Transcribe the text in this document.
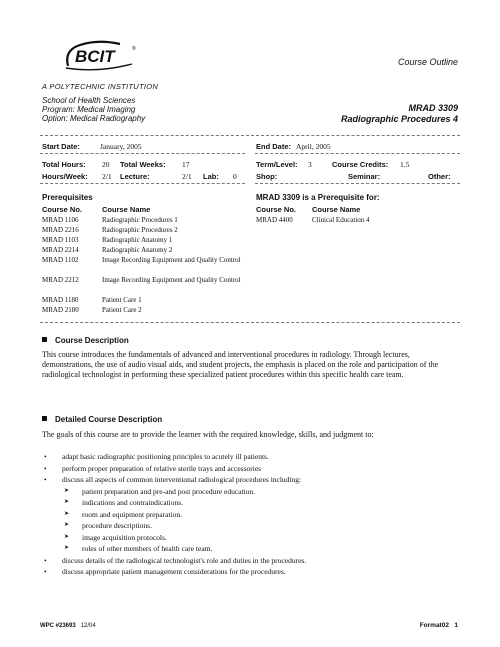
BCIT	®
A POLYTECHNIC INSTITUTION
School of Health Sciences
Program: Medical Imaging
Option: Medical Radiography
Course Outline
MRAD 3309
Radiographic Procedures 4
Start Date:	January, 2005	End Date: April, 2005
Total Hours: 20 Total Weeks: 17	Term/Level: 3	Course Credits: 1.5
Hours/Week: 2/1 Lecture:	2/1 Lab: 0	Shop:	Seminar:	Other:
Prerequisites
Course No.	Course Name
MRAD 1106	Radiographic Procedures 1
MRAD 2216	Radiographic Procedures 2
MRAD 1103	Radiographic Anatomy 1
MRAD 2214	Radiographic Anatomy 2
MRAD 1102	Image Recording Equipment and Quality Control
MRAD 2212	Image Recording Equipment and Quality Control
MRAD 1180	Patient Care 1
MRAD 2180	Patient Care 2
MRAD 3309 is a Prerequisite for:
Course No. Course Name
MRAD 4400	Clinical Education 4
Course Description
This course introduces the fundamentals of advanced and interventional procedures in radiology. Through lectures, demonstrations, the use of audio visual aids, and student projects, the emphasis is placed on the role and participation of the radiological technologist in performing these specialized patient procedures within this specific health care team.
Detailed Course Description
The goals of this course are to provide the learner with the required knowledge, skills, and judgment to:
• adapt basic radiographic positioning principles to acutely ill patients.
• perform proper preparation of relative sterile trays and accessories
• discuss all aspects of common interventional radiological procedures including:
➤ patient preparation and pre-and post procedure education.
➤ indications and contraindications.
➤ room and equipment preparation.
➤ procedure descriptions.
➤ image acquisition protocols.
➤ roles of other members of health care team.
• discuss details of the radiological technologist's role and duties in the procedures.
• discuss appropriate patient management considerations for the procedures.
WPC #23693 12/04	Format02 1
